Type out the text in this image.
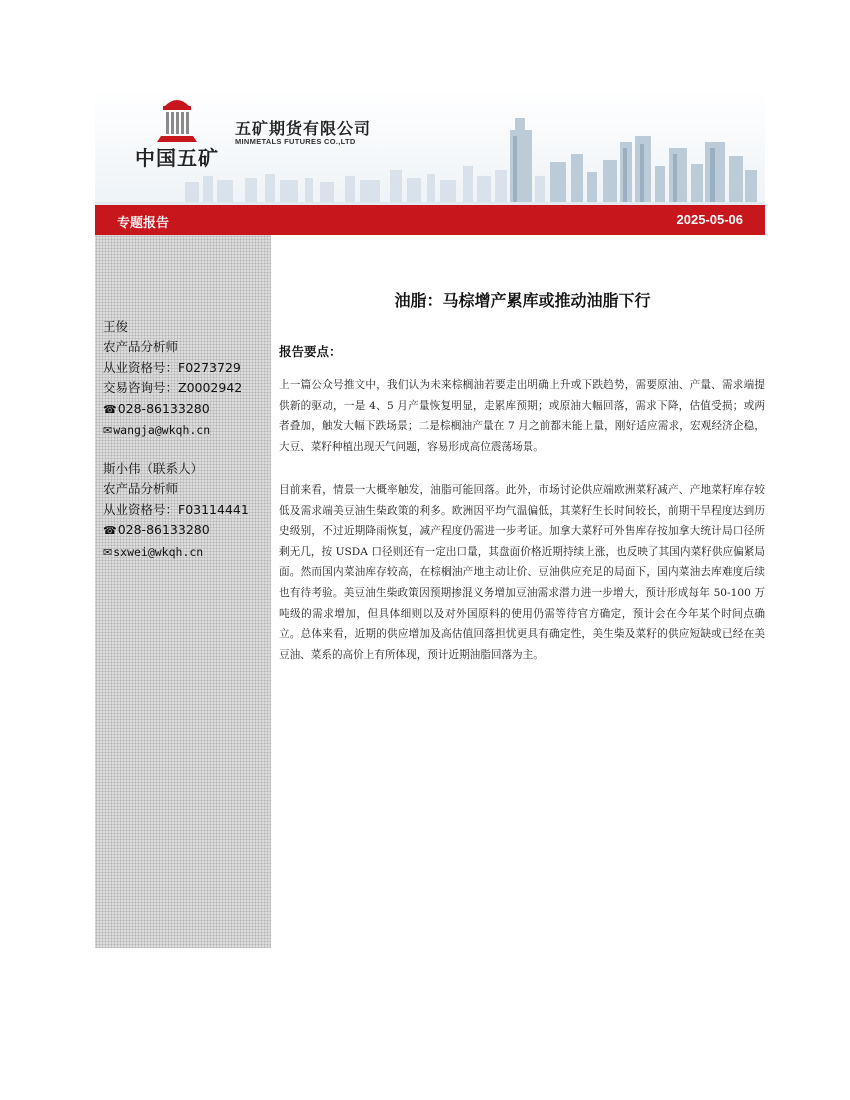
中国五矿
五矿期货有限公司
MINMETALS FUTURES CO.,LTD
专题报告	2025-05-06
王俊
农产品分析师
从业资格号：F0273729
交易咨询号：Z0002942
☎028-86133280
✉wangja@wkqh.cn
斯小伟（联系人）
农产品分析师
从业资格号：F03114441
☎028-86133280
✉sxwei@wkqh.cn
油脂：马棕增产累库或推动油脂下行
报告要点：

上一篇公众号推文中，我们认为未来棕榈油若要走出明确上升或下跌趋势，需要原油、产量、需求端提供新的驱动，一是 4、5 月产量恢复明显，走累库预期；或原油大幅回落，需求下降，估值受损；或两者叠加，触发大幅下跌场景；二是棕榈油产量在 7 月之前都未能上量，刚好适应需求，宏观经济企稳，大豆、菜籽种植出现天气问题，容易形成高位震荡场景。

目前来看，情景一大概率触发，油脂可能回落。此外，市场讨论供应端欧洲菜籽减产、产地菜籽库存较低及需求端美豆油生柴政策的利多。欧洲因平均气温偏低，其菜籽生长时间较长，前期干旱程度达到历史级别，不过近期降雨恢复，减产程度仍需进一步考证。加拿大菜籽可外售库存按加拿大统计局口径所剩无几，按 USDA 口径则还有一定出口量，其盘面价格近期持续上涨，也反映了其国内菜籽供应偏紧局面。然而国内菜油库存较高，在棕榈油产地主动让价、豆油供应充足的局面下，国内菜油去库难度后续也有待考验。美豆油生柴政策因预期掺混义务增加豆油需求潜力进一步增大，预计形成每年 50-100 万吨级的需求增加，但具体细则以及对外国原料的使用仍需等待官方确定，预计会在今年某个时间点确立。总体来看，近期的供应增加及高估值回落担忧更具有确定性，美生柴及菜籽的供应短缺或已经在美豆油、菜系的高价上有所体现，预计近期油脂回落为主。
